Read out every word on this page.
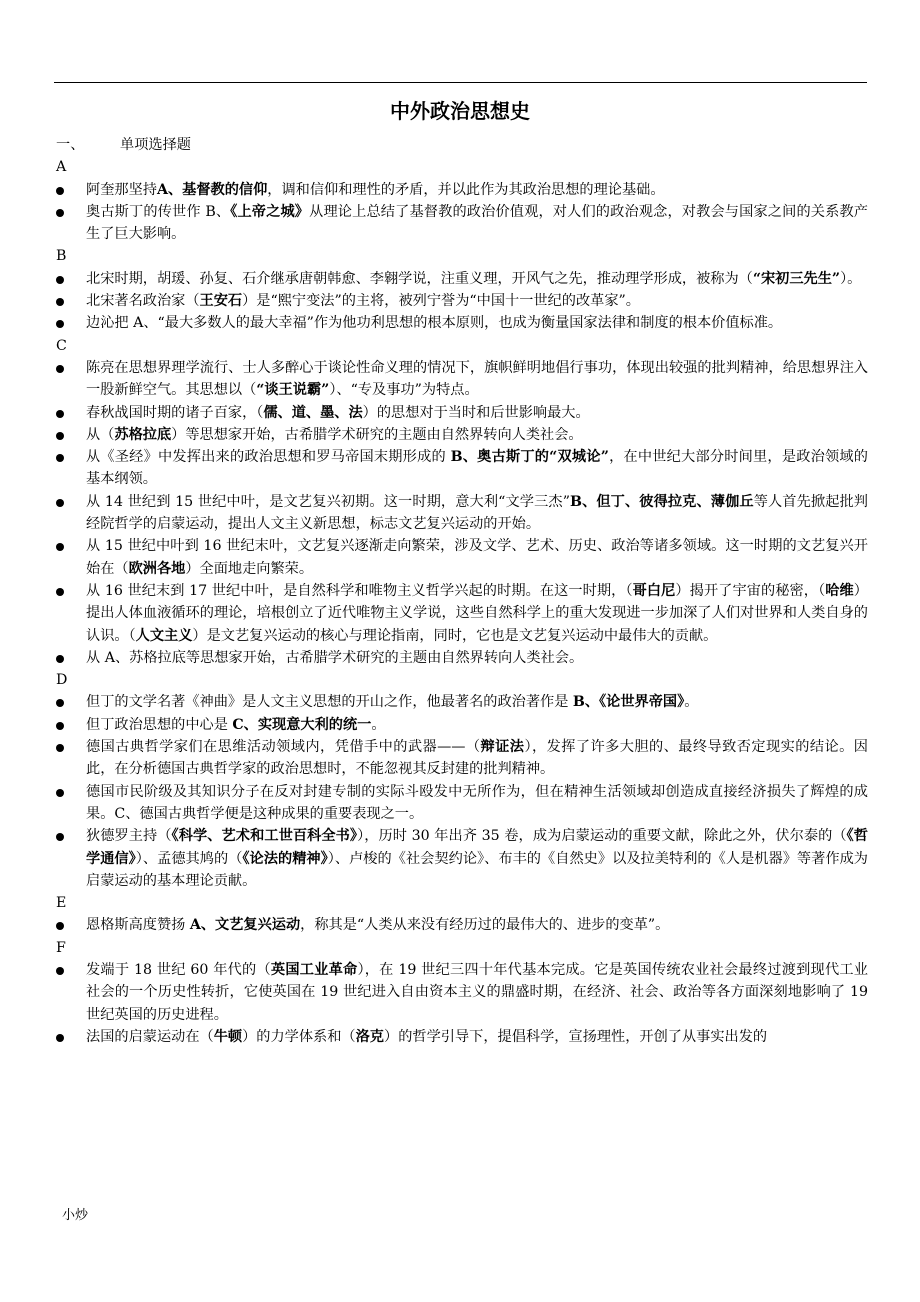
中外政治思想史
一、	单项选择题
A
阿奎那坚持A、基督教的信仰，调和信仰和理性的矛盾，并以此作为其政治思想的理论基础。
奥古斯丁的传世作 B、《上帝之城》从理论上总结了基督教的政治价值观，对人们的政治观念，对教会与国家之间的关系教产生了巨大影响。
B
北宋时期，胡瑗、孙复、石介继承唐朝韩愈、李翱学说，注重义理，开风气之先，推动理学形成，被称为（“宋初三先生”）。
北宋著名政治家（王安石）是“熙宁变法”的主将，被列宁誉为“中国十一世纪的改革家”。
边沁把 A、“最大多数人的最大幸福”作为他功利思想的根本原则，也成为衡量国家法律和制度的根本价值标准。
C
陈亮在思想界理学流行、士人多醉心于谈论性命义理的情况下，旗帜鲜明地倡行事功，体现出较强的批判精神，给思想界注入一股新鲜空气。其思想以（“谈王说霸”）、“专及事功”为特点。
春秋战国时期的诸子百家，（儒、道、墨、法）的思想对于当时和后世影响最大。
从（苏格拉底）等思想家开始，古希腊学术研究的主题由自然界转向人类社会。
从《圣经》中发挥出来的政治思想和罗马帝国末期形成的 B、奥古斯丁的“双城论”，在中世纪大部分时间里，是政治领域的基本纲领。
从 14 世纪到 15 世纪中叶，是文艺复兴初期。这一时期，意大利“文学三杰”B、但丁、彼得拉克、薄伽丘等人首先掀起批判经院哲学的启蒙运动，提出人文主义新思想，标志文艺复兴运动的开始。
从 15 世纪中叶到 16 世纪末叶，文艺复兴逐渐走向繁荣，涉及文学、艺术、历史、政治等诸多领域。这一时期的文艺复兴开始在（欧洲各地）全面地走向繁荣。
从 16 世纪末到 17 世纪中叶，是自然科学和唯物主义哲学兴起的时期。在这一时期，（哥白尼）揭开了宇宙的秘密，（哈维）提出人体血液循环的理论，培根创立了近代唯物主义学说，这些自然科学上的重大发现进一步加深了人们对世界和人类自身的认识。（人文主义）是文艺复兴运动的核心与理论指南，同时，它也是文艺复兴运动中最伟大的贡献。
从 A、苏格拉底等思想家开始，古希腊学术研究的主题由自然界转向人类社会。
D
但丁的文学名著《神曲》是人文主义思想的开山之作，他最著名的政治著作是 B、《论世界帝国》。
但丁政治思想的中心是 C、实现意大利的统一。
德国古典哲学家们在思维活动领域内，凭借手中的武器——（辩证法），发挥了许多大胆的、最终导致否定现实的结论。因此，在分析德国古典哲学家的政治思想时，不能忽视其反封建的批判精神。
德国市民阶级及其知识分子在反对封建专制的实际斗殴发中无所作为，但在精神生活领域却创造成直接经济损失了辉煌的成果。C、德国古典哲学便是这种成果的重要表现之一。
狄德罗主持（《科学、艺术和工世百科全书》），历时 30 年出齐 35 卷，成为启蒙运动的重要文献，除此之外，伏尔泰的（《哲学通信》）、孟德其鸠的（《论法的精神》）、卢梭的《社会契约论》、布丰的《自然史》以及拉美特利的《人是机器》等著作成为启蒙运动的基本理论贡献。
E
恩格斯高度赞扬 A、文艺复兴运动，称其是“人类从来没有经历过的最伟大的、进步的变革”。
F
发端于 18 世纪 60 年代的（英国工业革命），在 19 世纪三四十年代基本完成。它是英国传统农业社会最终过渡到现代工业社会的一个历史性转折，它使英国在 19 世纪进入自由资本主义的鼎盛时期，在经济、社会、政治等各方面深刻地影响了 19 世纪英国的历史进程。
法国的启蒙运动在（牛顿）的力学体系和（洛克）的哲学引导下，提倡科学，宣扬理性，开创了从事实出发的
小炒
